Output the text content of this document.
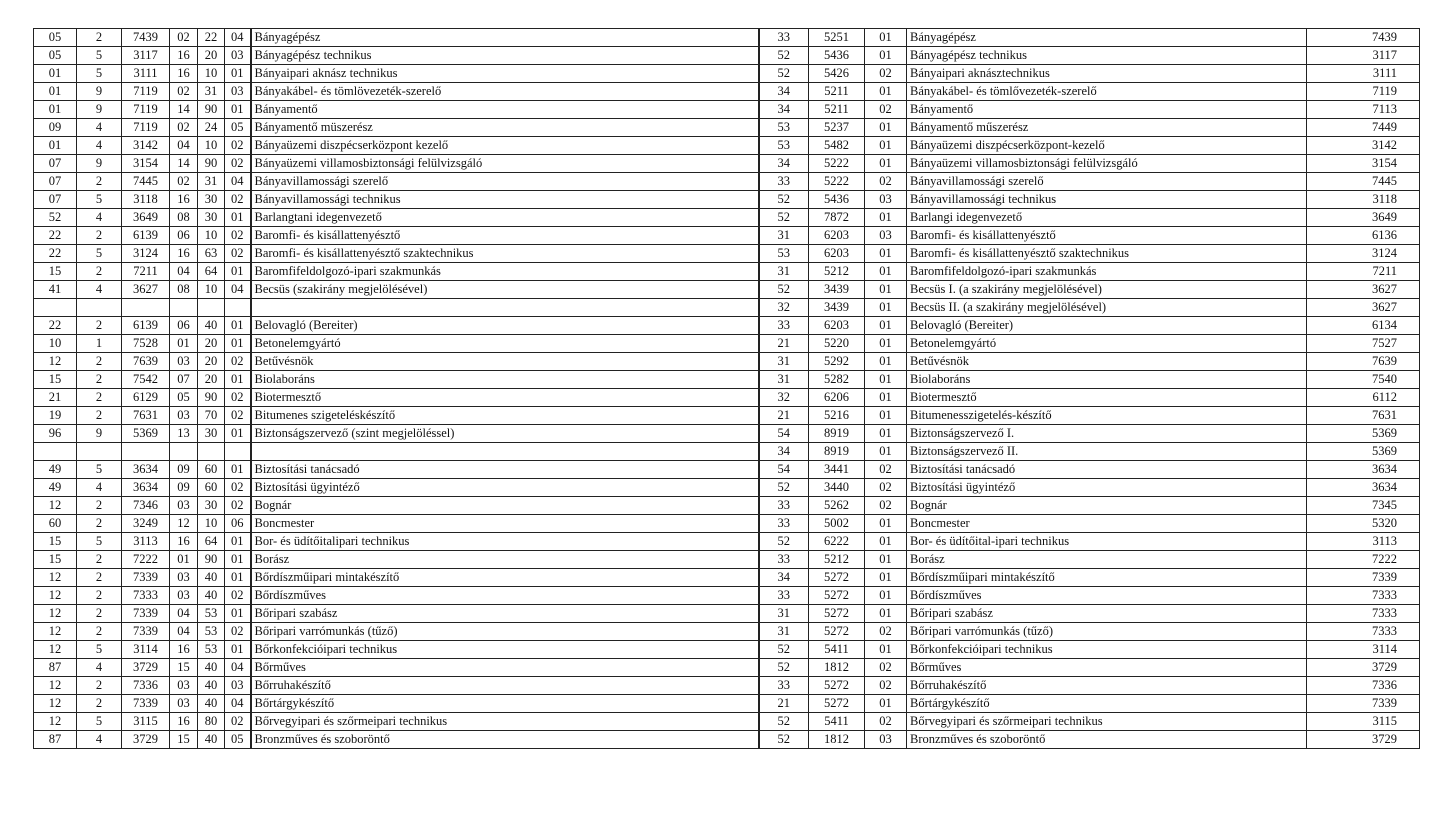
05	2	7439	02	22	04	Bányagépész	33	5251	01	Bányagépész	7439
05	5	3117	16	20	03	Bányagépész technikus	52	5436	01	Bányagépész technikus	3117
01	5	3111	16	10	01	Bányaipari aknász technikus	52	5426	02	Bányaipari aknásztechnikus	3111
01	9	7119	02	31	03	Bányakábel- és tömlövezeték-szerelő	34	5211	01	Bányakábel- és tömlővezeték-szerelő	7119
01	9	7119	14	90	01	Bányamentő	34	5211	02	Bányamentő	7113
09	4	7119	02	24	05	Bányamentő müszerész	53	5237	01	Bányamentő műszerész	7449
01	4	3142	04	10	02	Bányaüzemi diszpécserközpont kezelő	53	5482	01	Bányaüzemi diszpécserközpont-kezelő	3142
07	9	3154	14	90	02	Bányaüzemi villamosbiztonsági felülvizsgáló	34	5222	01	Bányaüzemi villamosbiztonsági felülvizsgáló	3154
07	2	7445	02	31	04	Bányavillamossági szerelő	33	5222	02	Bányavillamossági szerelő	7445
07	5	3118	16	30	02	Bányavillamossági technikus	52	5436	03	Bányavillamossági technikus	3118
52	4	3649	08	30	01	Barlangtani idegenvezető	52	7872	01	Barlangi idegenvezető	3649
22	2	6139	06	10	02	Baromfi- és kisállattenyésztő	31	6203	03	Baromfi- és kisállattenyésztő	6136
22	5	3124	16	63	02	Baromfi- és kisállattenyésztő szaktechnikus	53	6203	01	Baromfi- és kisállattenyésztő szaktechnikus	3124
15	2	7211	04	64	01	Baromfifeldolgozó-ipari szakmunkás	31	5212	01	Baromfifeldolgozó-ipari szakmunkás	7211
41	4	3627	08	10	04	Becsüs (szakirány megjelölésével)	52	3439	01	Becsüs I. (a szakirány megjelölésével)	3627
							32	3439	01	Becsüs II. (a szakirány megjelölésével)	3627
22	2	6139	06	40	01	Belovagló (Bereiter)	33	6203	01	Belovagló (Bereiter)	6134
10	1	7528	01	20	01	Betonelemgyártó	21	5220	01	Betonelemgyártó	7527
12	2	7639	03	20	02	Betűvésnök	31	5292	01	Betűvésnök	7639
15	2	7542	07	20	01	Biolaboráns	31	5282	01	Biolaboráns	7540
21	2	6129	05	90	02	Biotermesztő	32	6206	01	Biotermesztő	6112
19	2	7631	03	70	02	Bitumenes szigeteléskészítő	21	5216	01	Bitumenesszigetelés-készítő	7631
96	9	5369	13	30	01	Biztonságszervező (szint megjelöléssel)	54	8919	01	Biztonságszervező I.	5369
							34	8919	01	Biztonságszervező II.	5369
49	5	3634	09	60	01	Biztosítási tanácsadó	54	3441	02	Biztosítási tanácsadó	3634
49	4	3634	09	60	02	Biztosítási ügyintéző	52	3440	02	Biztosítási ügyintéző	3634
12	2	7346	03	30	02	Bognár	33	5262	02	Bognár	7345
60	2	3249	12	10	06	Boncmester	33	5002	01	Boncmester	5320
15	5	3113	16	64	01	Bor- és üdítőitalipari technikus	52	6222	01	Bor- és üdítőital-ipari technikus	3113
15	2	7222	01	90	01	Borász	33	5212	01	Borász	7222
12	2	7339	03	40	01	Bőrdíszműipari mintakészítő	34	5272	01	Bőrdíszműipari mintakészítő	7339
12	2	7333	03	40	02	Bőrdíszműves	33	5272	01	Bőrdíszműves	7333
12	2	7339	04	53	01	Bőripari szabász	31	5272	01	Bőripari szabász	7333
12	2	7339	04	53	02	Bőripari varrómunkás (tűző)	31	5272	02	Bőripari varrómunkás (tűző)	7333
12	5	3114	16	53	01	Bőrkonfekcióipari technikus	52	5411	01	Bőrkonfekcióipari technikus	3114
87	4	3729	15	40	04	Bőrműves	52	1812	02	Bőrműves	3729
12	2	7336	03	40	03	Bőrruhakészítő	33	5272	02	Bőrruhakészítő	7336
12	2	7339	03	40	04	Bőrtárgykészítő	21	5272	01	Bőrtárgykészítő	7339
12	5	3115	16	80	02	Bőrvegyipari és szőrmeipari technikus	52	5411	02	Bőrvegyipari és szőrmeipari technikus	3115
87	4	3729	15	40	05	Bronzműves és szoboröntő	52	1812	03	Bronzműves és szoboröntő	3729
